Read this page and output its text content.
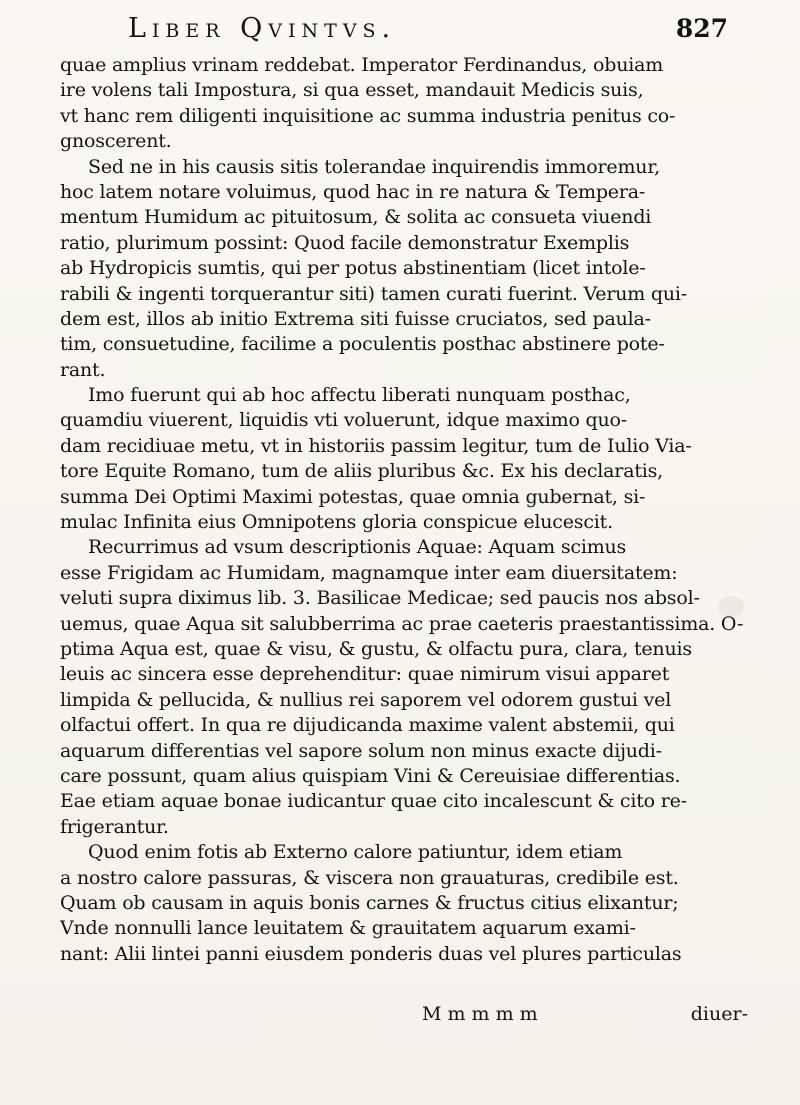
Liber Qvintvs.	827
quae amplius vrinam reddebat. Imperator Ferdinandus, obuiam
ire volens tali Impostura, si qua esset, mandauit Medicis suis,
vt hanc rem diligenti inquisitione ac summa industria penitus co-
gnoscerent.
Sed ne in his causis sitis tolerandae inquirendis immoremur,
hoc latem notare voluimus, quod hac in re natura & Tempera-
mentum Humidum ac pituitosum, & solita ac consueta viuendi
ratio, plurimum possint: Quod facile demonstratur Exemplis
ab Hydropicis sumtis, qui per potus abstinentiam (licet intole-
rabili & ingenti torquerantur siti) tamen curati fuerint. Verum qui-
dem est, illos ab initio Extrema siti fuisse cruciatos, sed paula-
tim, consuetudine, facilime a poculentis posthac abstinere pote-
rant.
Imo fuerunt qui ab hoc affectu liberati nunquam posthac,
quamdiu viuerent, liquidis vti voluerunt, idque maximo quo-
dam recidiuae metu, vt in historiis passim legitur, tum de Iulio Via-
tore Equite Romano, tum de aliis pluribus &c. Ex his declaratis,
summa Dei Optimi Maximi potestas, quae omnia gubernat, si-
mulac Infinita eius Omnipotens gloria conspicue elucescit.
Recurrimus ad vsum descriptionis Aquae: Aquam scimus
esse Frigidam ac Humidam, magnamque inter eam diuersitatem:
veluti supra diximus lib. 3. Basilicae Medicae; sed paucis nos absol-
uemus, quae Aqua sit salubberrima ac prae caeteris praestantissima. O-
ptima Aqua est, quae & visu, & gustu, & olfactu pura, clara, tenuis
leuis ac sincera esse deprehenditur: quae nimirum visui apparet
limpida & pellucida, & nullius rei saporem vel odorem gustui vel
olfactui offert. In qua re dijudicanda maxime valent abstemii, qui
aquarum differentias vel sapore solum non minus exacte dijudi-
care possunt, quam alius quispiam Vini & Cereuisiae differentias.
Eae etiam aquae bonae iudicantur quae cito incalescunt & cito re-
frigerantur.
Quod enim fotis ab Externo calore patiuntur, idem etiam
a nostro calore passuras, & viscera non grauaturas, credibile est.
Quam ob causam in aquis bonis carnes & fructus citius elixantur;
Vnde nonnulli lance leuitatem & grauitatem aquarum exami-
nant: Alii lintei panni eiusdem ponderis duas vel plures particulas
M m m m m	diuer-
